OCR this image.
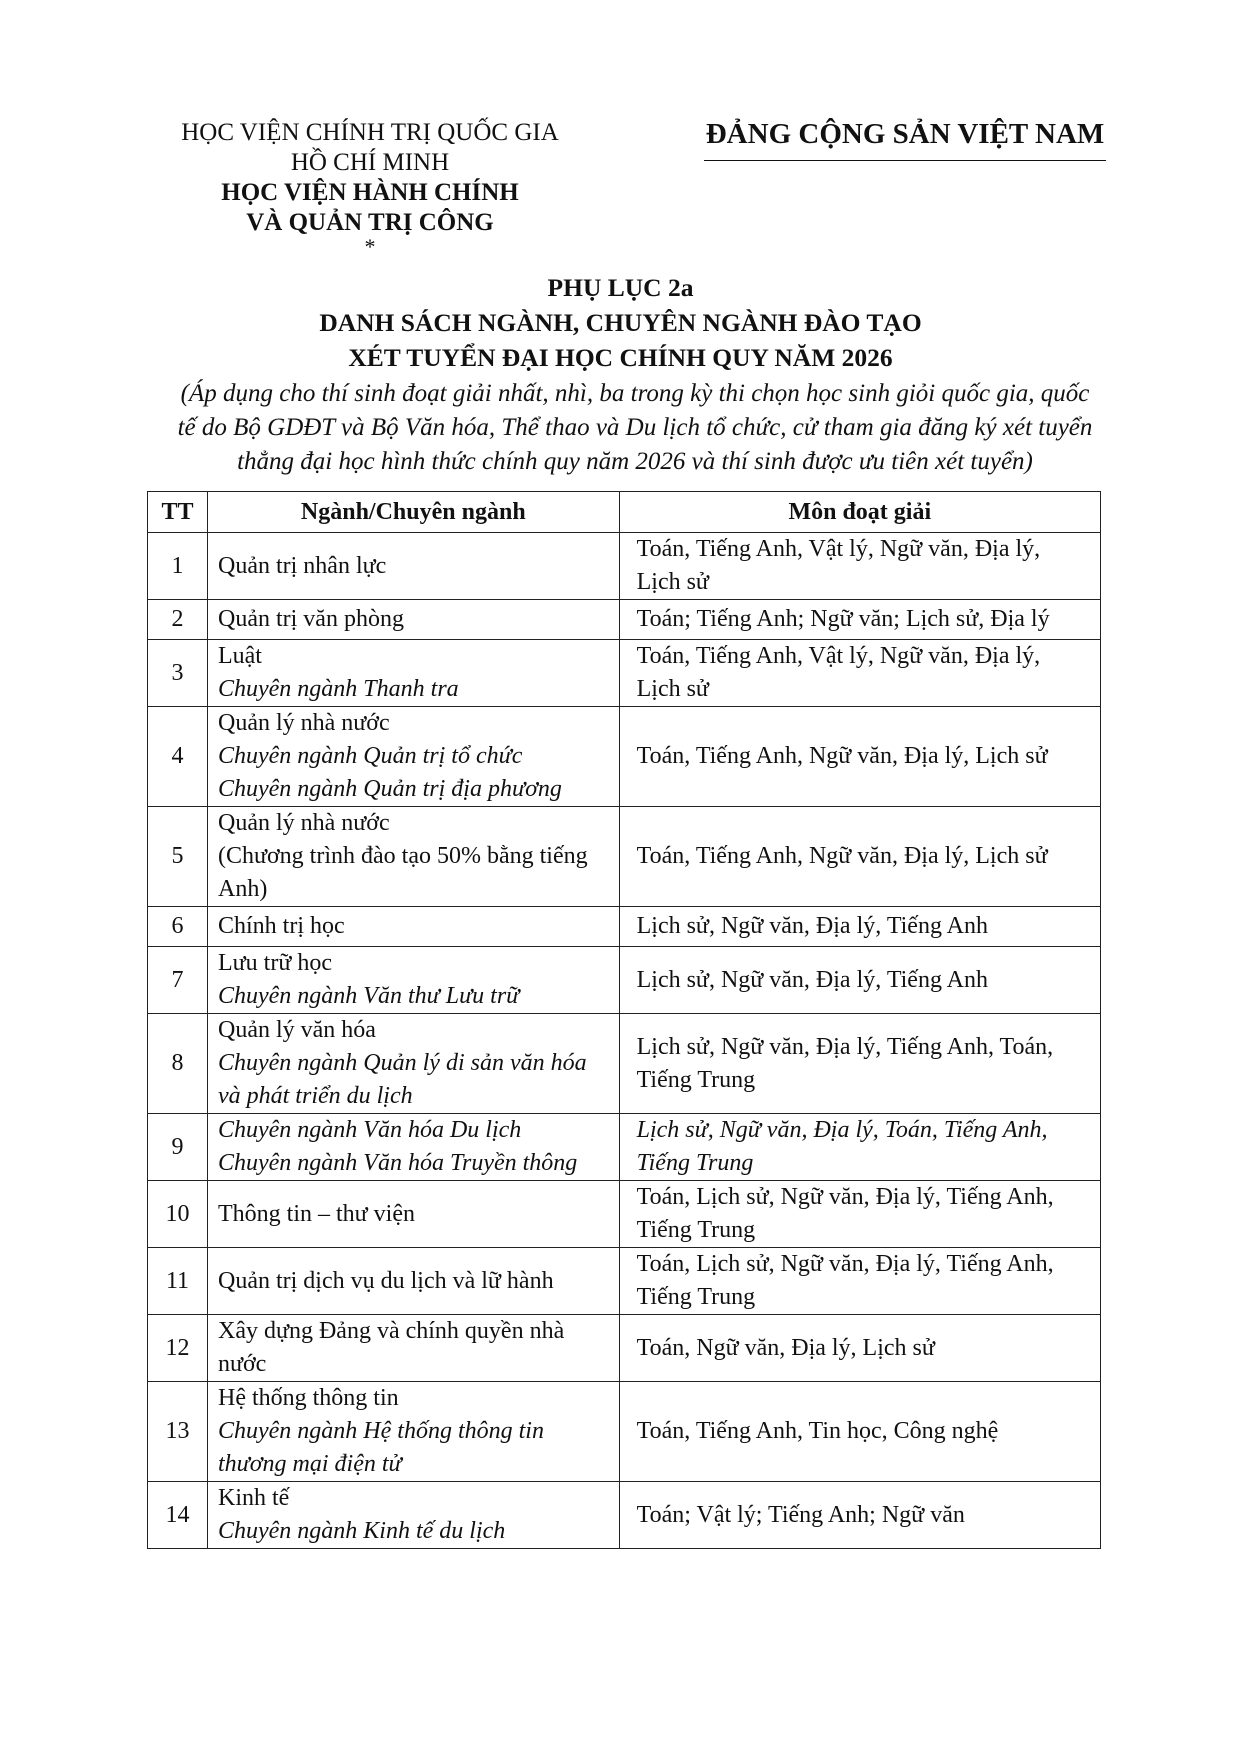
HỌC VIỆN CHÍNH TRỊ QUỐC GIA
HỒ CHÍ MINH
HỌC VIỆN HÀNH CHÍNH
VÀ QUẢN TRỊ CÔNG
*
ĐẢNG CỘNG SẢN VIỆT NAM
PHỤ LỤC 2a
DANH SÁCH NGÀNH, CHUYÊN NGÀNH ĐÀO TẠO
XÉT TUYỂN ĐẠI HỌC CHÍNH QUY NĂM 2026
(Áp dụng cho thí sinh đoạt giải nhất, nhì, ba trong kỳ thi chọn học sinh giỏi quốc gia, quốc
tế do Bộ GDĐT và Bộ Văn hóa, Thể thao và Du lịch tổ chức, cử tham gia đăng ký xét tuyển
thẳng đại học hình thức chính quy năm 2026 và thí sinh được ưu tiên xét tuyển)
TT	Ngành/Chuyên ngành	Môn đoạt giải
1	Quản trị nhân lực	Toán, Tiếng Anh, Vật lý, Ngữ văn, Địa lý,
Lịch sử

2	Quản trị văn phòng	Toán; Tiếng Anh; Ngữ văn; Lịch sử, Địa lý

3	Luật
Chuyên ngành Thanh tra	Toán, Tiếng Anh, Vật lý, Ngữ văn, Địa lý,
Lịch sử

4	Quản lý nhà nước
Chuyên ngành Quản trị tổ chức
Chuyên ngành Quản trị địa phương	Toán, Tiếng Anh, Ngữ văn, Địa lý, Lịch sử

5	Quản lý nhà nước
(Chương trình đào tạo 50% bằng tiếng
Anh)	Toán, Tiếng Anh, Ngữ văn, Địa lý, Lịch sử

6	Chính trị học	Lịch sử, Ngữ văn, Địa lý, Tiếng Anh

7	Lưu trữ học
Chuyên ngành Văn thư Lưu trữ	Lịch sử, Ngữ văn, Địa lý, Tiếng Anh

8	Quản lý văn hóa
Chuyên ngành Quản lý di sản văn hóa
và phát triển du lịch	Lịch sử, Ngữ văn, Địa lý, Tiếng Anh, Toán,
Tiếng Trung

9	Chuyên ngành Văn hóa Du lịch
Chuyên ngành Văn hóa Truyền thông	Lịch sử, Ngữ văn, Địa lý, Toán, Tiếng Anh,
Tiếng Trung

10	Thông tin – thư viện	Toán, Lịch sử, Ngữ văn, Địa lý, Tiếng Anh,
Tiếng Trung

11	Quản trị dịch vụ du lịch và lữ hành	Toán, Lịch sử, Ngữ văn, Địa lý, Tiếng Anh,
Tiếng Trung

12	Xây dựng Đảng và chính quyền nhà
nước	Toán, Ngữ văn, Địa lý, Lịch sử

13	Hệ thống thông tin
Chuyên ngành Hệ thống thông tin
thương mại điện tử	Toán, Tiếng Anh, Tin học, Công nghệ

14	Kinh tế
Chuyên ngành Kinh tế du lịch	Toán; Vật lý; Tiếng Anh; Ngữ văn
